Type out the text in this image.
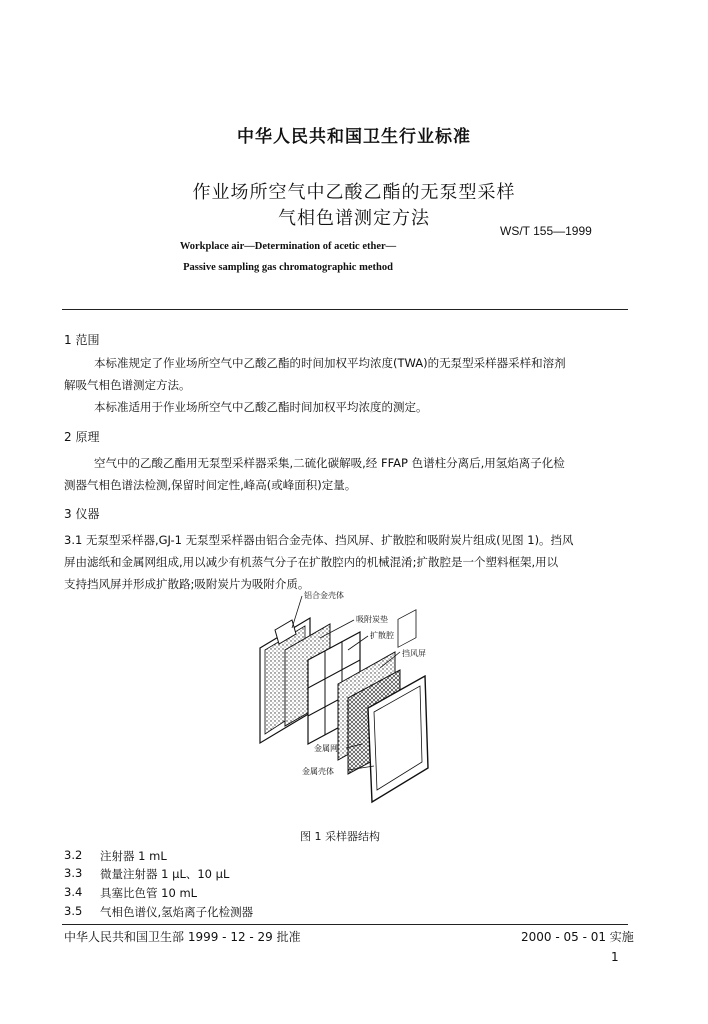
中华人民共和国卫生行业标准
作业场所空气中乙酸乙酯的无泵型采样
气相色谱测定方法
WS/T 155—1999
Workplace air—Determination of acetic ether—
Passive sampling gas chromatographic method
1 范围
本标准规定了作业场所空气中乙酸乙酯的时间加权平均浓度(TWA)的无泵型采样器采样和溶剂
解吸气相色谱测定方法。
本标准适用于作业场所空气中乙酸乙酯时间加权平均浓度的测定。
2 原理
空气中的乙酸乙酯用无泵型采样器采集,二硫化碳解吸,经 FFAP 色谱柱分离后,用氢焰离子化检
测器气相色谱法检测,保留时间定性,峰高(或峰面积)定量。
3 仪器
3.1 无泵型采样器,GJ-1 无泵型采样器由铝合金壳体、挡风屏、扩散腔和吸附炭片组成(见图 1)。挡风
屏由滤纸和金属网组成,用以减少有机蒸气分子在扩散腔内的机械混淆;扩散腔是一个塑料框架,用以
支持挡风屏并形成扩散路;吸附炭片为吸附介质。
铝合金壳体
吸附炭垫
扩散腔
挡风屏
金属网
金属壳体
图 1 采样器结构
3.2 注射器 1 mL
3.3 微量注射器 1 μL、10 μL
3.4 具塞比色管 10 mL
3.5 气相色谱仪,氢焰离子化检测器
中华人民共和国卫生部 1999 - 12 - 29 批准	2000 - 05 - 01 实施
1
